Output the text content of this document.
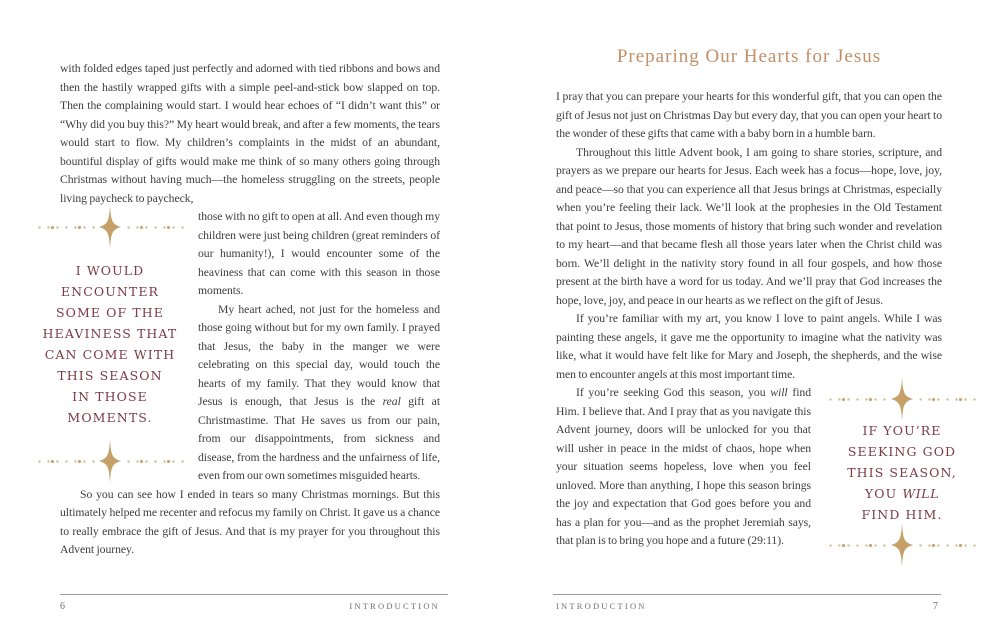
with folded edges taped just perfectly and adorned with tied ribbons and bows and then the hastily wrapped gifts with a simple peel-and-stick bow slapped on top. Then the complaining would start. I would hear echoes of “I didn’t want this” or “Why did you buy this?” My heart would break, and after a few moments, the tears would start to flow. My children’s complaints in the midst of an abundant, bountiful display of gifts would make me think of so many others going through Christmas without having much—the homeless struggling on the streets, people living paycheck to paycheck,

I WOULD
ENCOUNTER
SOME OF THE
HEAVINESS THAT
CAN COME WITH
THIS SEASON
IN THOSE
MOMENTS.

those with no gift to open at all. And even though my children were just being children (great reminders of our humanity!), I would encounter some of the heaviness that can come with this season in those moments.

My heart ached, not just for the homeless and those going without but for my own family. I prayed that Jesus, the baby in the manger we were celebrating on this special day, would touch the hearts of my family. That they would know that Jesus is enough, that Jesus is the real gift at Christmastime. That He saves us from our pain, from our disappointments, from sickness and disease, from the hardness and the unfairness of life, even from our own sometimes misguided hearts.

So you can see how I ended in tears so many Christmas mornings. But this ultimately helped me recenter and refocus my family on Christ. It gave us a chance to really embrace the gift of Jesus. And that is my prayer for you throughout this Advent journey.

Preparing Our Hearts for Jesus

I pray that you can prepare your hearts for this wonderful gift, that you can open the gift of Jesus not just on Christmas Day but every day, that you can open your heart to the wonder of these gifts that came with a baby born in a humble barn.

Throughout this little Advent book, I am going to share stories, scripture, and prayers as we prepare our hearts for Jesus. Each week has a focus—hope, love, joy, and peace—so that you can experience all that Jesus brings at Christmas, especially when you’re feeling their lack. We’ll look at the prophesies in the Old Testament that point to Jesus, those moments of history that bring such wonder and revelation to my heart—and that became flesh all those years later when the Christ child was born. We’ll delight in the nativity story found in all four gospels, and how those present at the birth have a word for us today. And we’ll pray that God increases the hope, love, joy, and peace in our hearts as we reflect on the gift of Jesus.

If you’re familiar with my art, you know I love to paint angels. While I was painting these angels, it gave me the opportunity to imagine what the nativity was like, what it would have felt like for Mary and Joseph, the shepherds, and the wise men to encounter angels at this most important time.

IF YOU’RE
SEEKING GOD
THIS SEASON,
YOU WILL
FIND HIM.

If you’re seeking God this season, you will find Him. I believe that. And I pray that as you navigate this Advent journey, doors will be unlocked for you that will usher in peace in the midst of chaos, hope when your situation seems hopeless, love when you feel unloved. More than anything, I hope this season brings the joy and expectation that God goes before you and has a plan for you—and as the prophet Jeremiah says, that plan is to bring you hope and a future (29:11).

6	INTRODUCTION	INTRODUCTION	7
